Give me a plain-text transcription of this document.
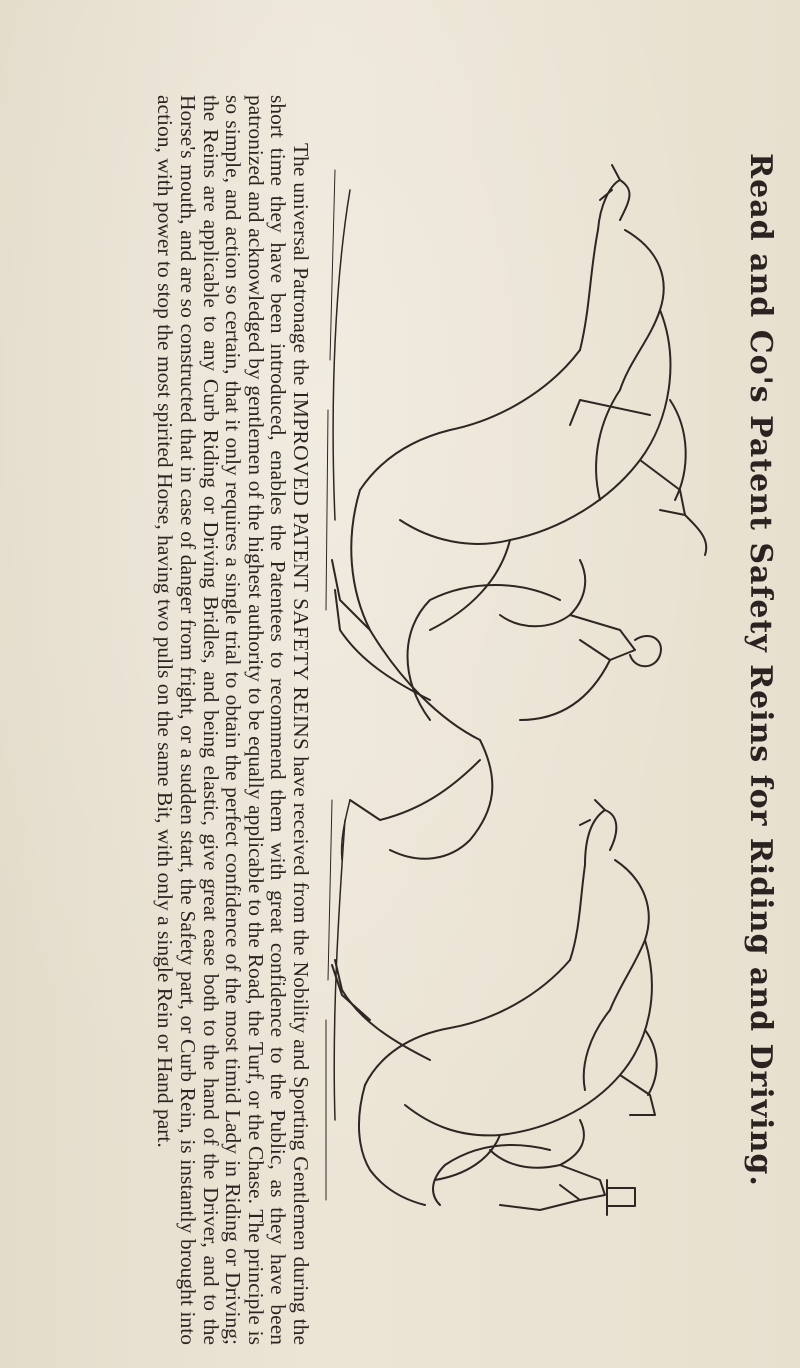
Read and Co's Patent Safety Reins for Riding and Driving.

The universal Patronage the IMPROVED PATENT SAFETY REINS have received from the Nobility and Sporting Gentlemen during the short time they have been introduced, enables the Patentees to recommend them with great confidence to the Public, as they have been patronized and acknowledged by gentlemen of the highest authority to be equally applicable to the Road, the Turf, or the Chase. The principle is so simple, and action so certain, that it only requires a single trial to obtain the perfect confidence of the most timid Lady in Riding or Driving; the Reins are applicable to any Curb Riding or Driving Bridles, and being elastic, give great ease both to the hand of the Driver, and to the Horse's mouth, and are so constructed that in case of danger from fright, or a sudden start, the Safety part, or Curb Rein, is instantly brought into action, with power to stop the most spirited Horse, having two pulls on the same Bit, with only a single Rein or Hand part.
